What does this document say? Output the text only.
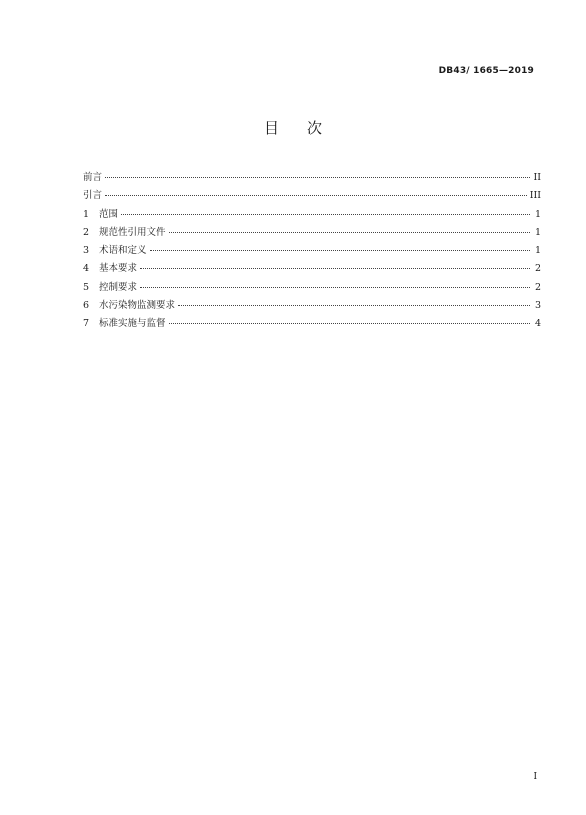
DB43/ 1665—2019
目 次
前言	II
引言	III
1	范围	1
2	规范性引用文件	1
3	术语和定义	1
4	基本要求	2
5	控制要求	2
6	水污染物监测要求	3
7	标准实施与监督	4
I
